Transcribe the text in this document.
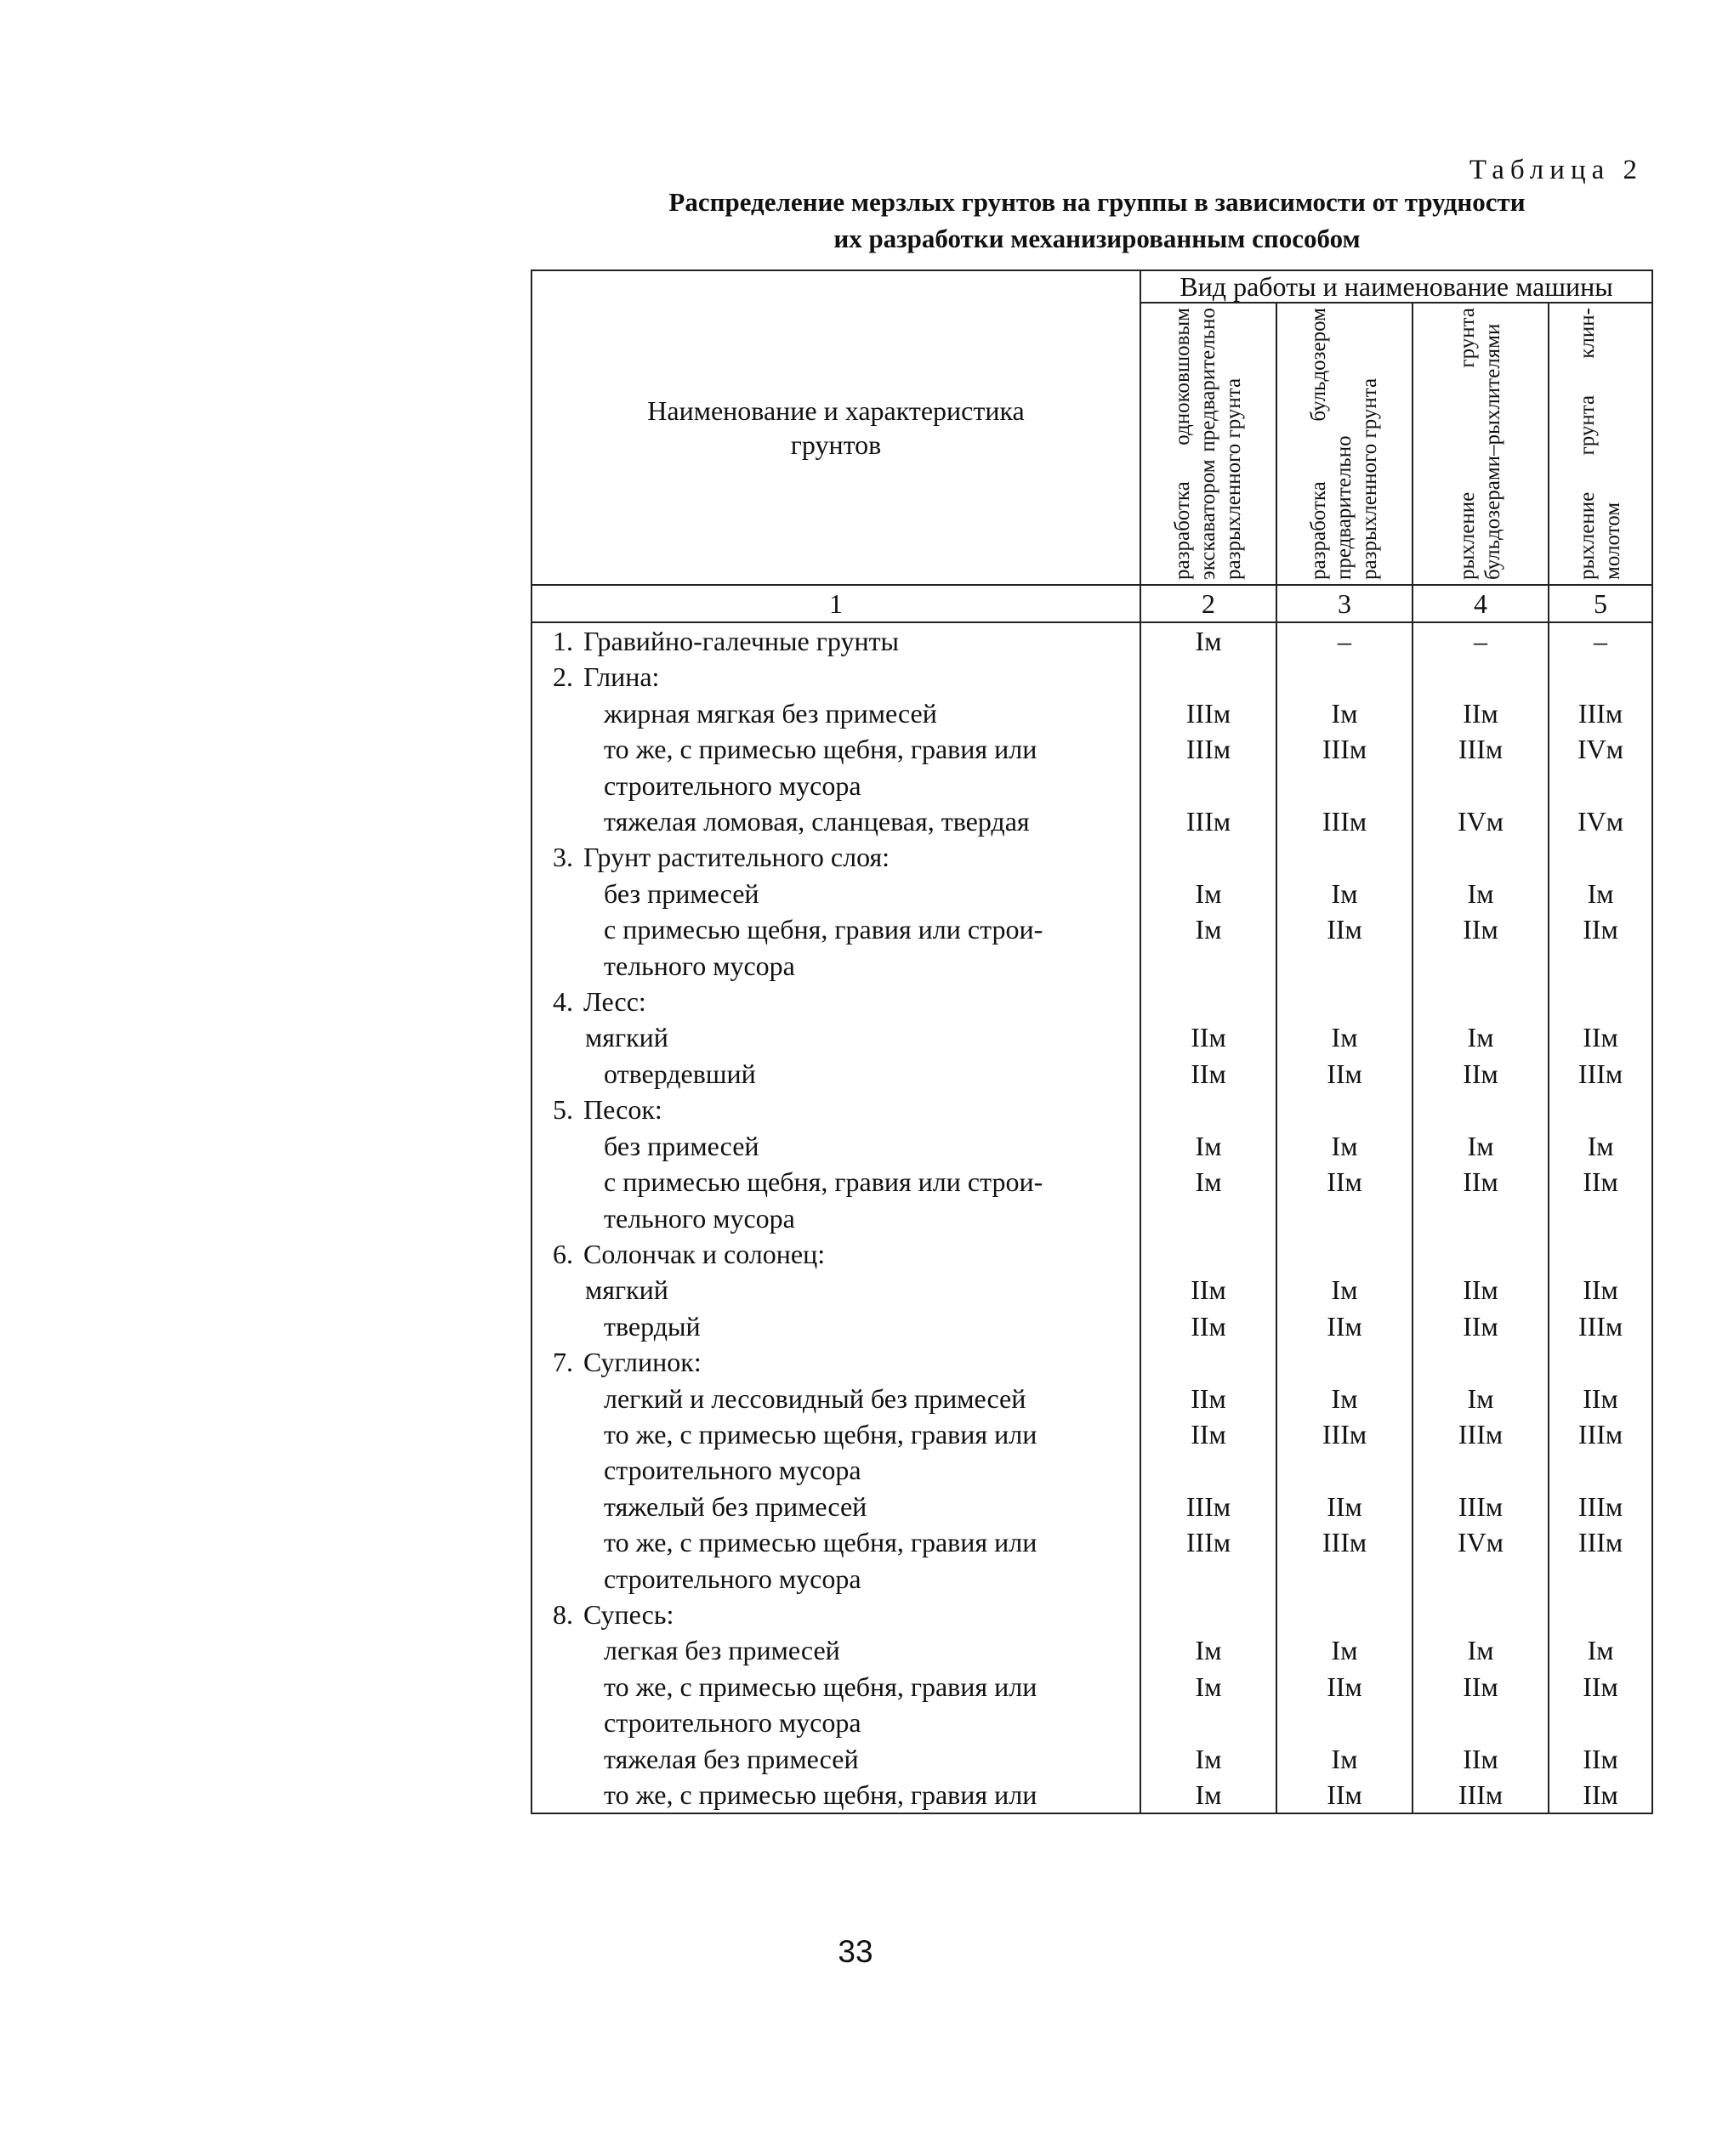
Таблица 2
Распределение мерзлых грунтов на группы в зависимости от трудности
их разработки механизированным способом
Наименование и характеристика
грунтов	Вид работы и наименование машины			

	разработка одноковшовым экскаватором предварительно разрыхленного грунта	разработка бульдозером предварительно разрыхленного грунта	рыхление грунта бульдозерами–рыхлителями	рыхление грунта клин-молотом

1	2	3	4	5
1. Гравийно-галечные грунты	Iм	–	–	–
2. Глина:				
жирная мягкая без примесей	IIIм	Iм	IIм	IIIм
то же, с примесью щебня, гравия или	IIIм	IIIм	IIIм	IVм
строительного мусора				
тяжелая ломовая, сланцевая, твердая	IIIм	IIIм	IVм	IVм
3. Грунт растительного слоя:				
без примесей	Iм	Iм	Iм	Iм
с примесью щебня, гравия или строи-	Iм	IIм	IIм	IIм
тельного мусора				
4. Лесс:				
мягкий	IIм	Iм	Iм	IIм
отвердевший	IIм	IIм	IIм	IIIм
5. Песок:				
без примесей	Iм	Iм	Iм	Iм
с примесью щебня, гравия или строи-	Iм	IIм	IIм	IIм
тельного мусора				
6. Солончак и солонец:				
мягкий	IIм	Iм	IIм	IIм
твердый	IIм	IIм	IIм	IIIм
7. Суглинок:				
легкий и лессовидный без примесей	IIм	Iм	Iм	IIм
то же, с примесью щебня, гравия или	IIм	IIIм	IIIм	IIIм
строительного мусора				
тяжелый без примесей	IIIм	IIм	IIIм	IIIм
то же, с примесью щебня, гравия или	IIIм	IIIм	IVм	IIIм
строительного мусора				
8. Супесь:				
легкая без примесей	Iм	Iм	Iм	Iм
то же, с примесью щебня, гравия или	Iм	IIм	IIм	IIм
строительного мусора				
тяжелая без примесей	Iм	Iм	IIм	IIм
то же, с примесью щебня, гравия или	Iм	IIм	IIIм	IIм
33
